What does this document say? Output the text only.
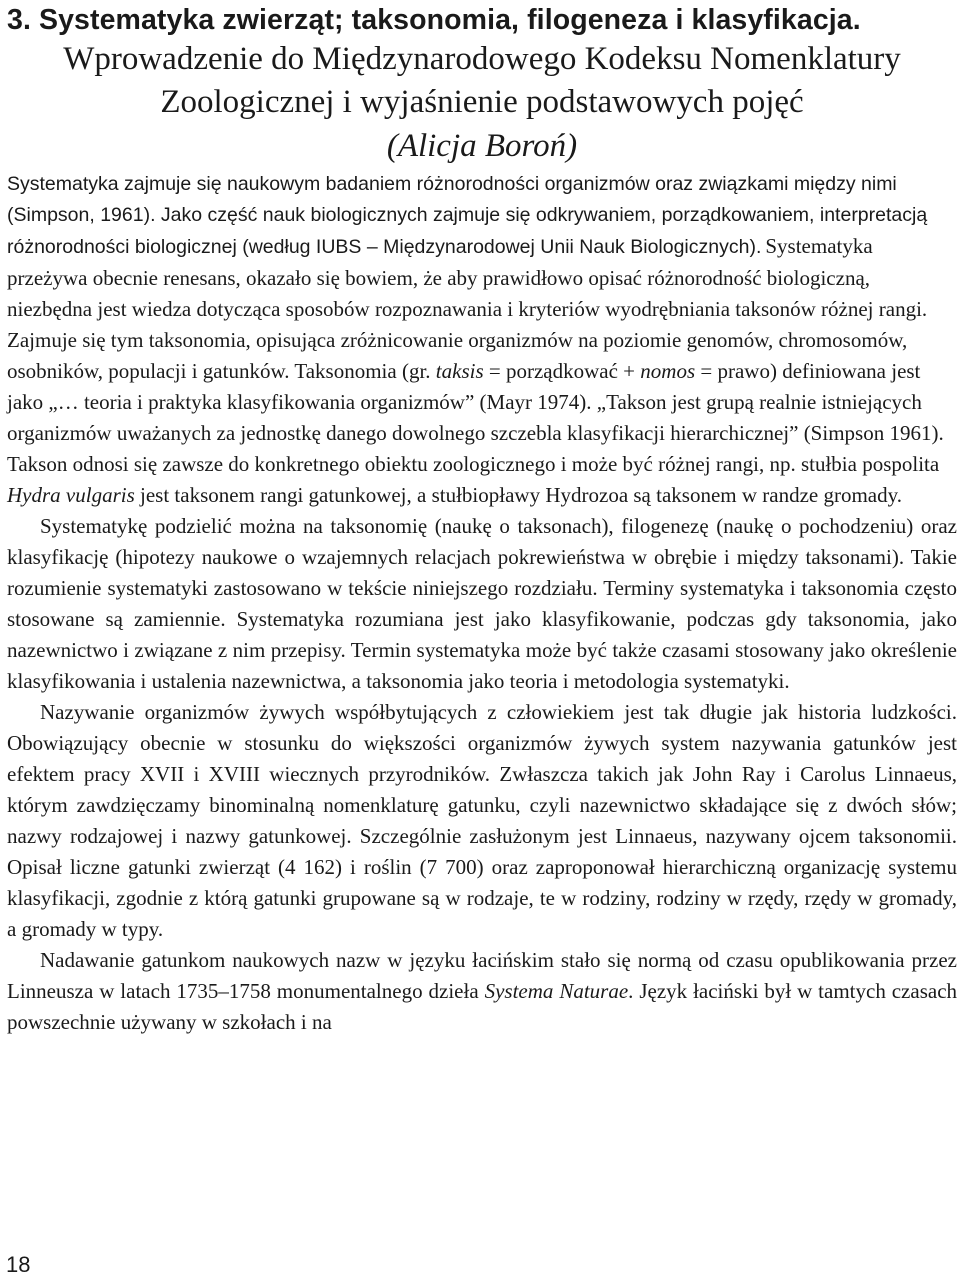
3. Systematyka zwierząt; taksonomia, filogeneza i klasyfikacja.

Wprowadzenie do Międzynarodowego Kodeksu Nomenklatury

Zoologicznej i wyjaśnienie podstawowych pojęć

(Alicja Boroń)

Systematyka zajmuje się naukowym badaniem różnorodności organizmów oraz związkami między nimi (Simpson, 1961). Jako część nauk biologicznych zajmuje się odkrywaniem, porządkowaniem, interpretacją różnorodności biologicznej (według IUBS – Międzynarodowej Unii Nauk Biologicznych). Systematyka przeżywa obecnie renesans, okazało się bowiem, że aby prawidłowo opisać różnorodność biologiczną, niezbędna jest wiedza dotycząca sposobów rozpoznawania i kryteriów wyodrębniania taksonów różnej rangi. Zajmuje się tym taksonomia, opisująca zróżnicowanie organizmów na poziomie genomów, chromosomów, osobników, populacji i gatunków. Taksonomia (gr. taksis = porządkować + nomos = prawo) definiowana jest jako „… teoria i praktyka klasyfikowania organizmów” (Mayr 1974). „Takson jest grupą realnie istniejących organizmów uważanych za jednostkę danego dowolnego szczebla klasyfikacji hierarchicznej” (Simpson 1961). Takson odnosi się zawsze do konkretnego obiektu zoologicznego i może być różnej rangi, np. stułbia pospolita Hydra vulgaris jest taksonem rangi gatunkowej, a stułbiopławy Hydrozoa są taksonem w randze gromady.

Systematykę podzielić można na taksonomię (naukę o taksonach), filogenezę (naukę o pochodzeniu) oraz klasyfikację (hipotezy naukowe o wzajemnych relacjach pokrewieństwa w obrębie i między taksonami). Takie rozumienie systematyki zastosowano w tekście niniejszego rozdziału. Terminy systematyka i taksonomia często stosowane są zamiennie. Systematyka rozumiana jest jako klasyfikowanie, podczas gdy taksonomia, jako nazewnictwo i związane z nim przepisy. Termin systematyka może być także czasami stosowany jako określenie klasyfikowania i ustalenia nazewnictwa, a taksonomia jako teoria i metodologia systematyki.

Nazywanie organizmów żywych współbytujących z człowiekiem jest tak długie jak historia ludzkości. Obowiązujący obecnie w stosunku do większości organizmów żywych system nazywania gatunków jest efektem pracy XVII i XVIII wiecznych przyrodników. Zwłaszcza takich jak John Ray i Carolus Linnaeus, którym zawdzięczamy binominalną nomenklaturę gatunku, czyli nazewnictwo składające się z dwóch słów; nazwy rodzajowej i nazwy gatunkowej. Szczególnie zasłużonym jest Linnaeus, nazywany ojcem taksonomii. Opisał liczne gatunki zwierząt (4 162) i roślin (7 700) oraz zaproponował hierarchiczną organizację systemu klasyfikacji, zgodnie z którą gatunki grupowane są w rodzaje, te w rodziny, rodziny w rzędy, rzędy w gromady, a gromady w typy.

Nadawanie gatunkom naukowych nazw w języku łacińskim stało się normą od czasu opublikowania przez Linneusza w latach 1735–1758 monumentalnego dzieła Systema Naturae. Język łaciński był w tamtych czasach powszechnie używany w szkołach i na

18
